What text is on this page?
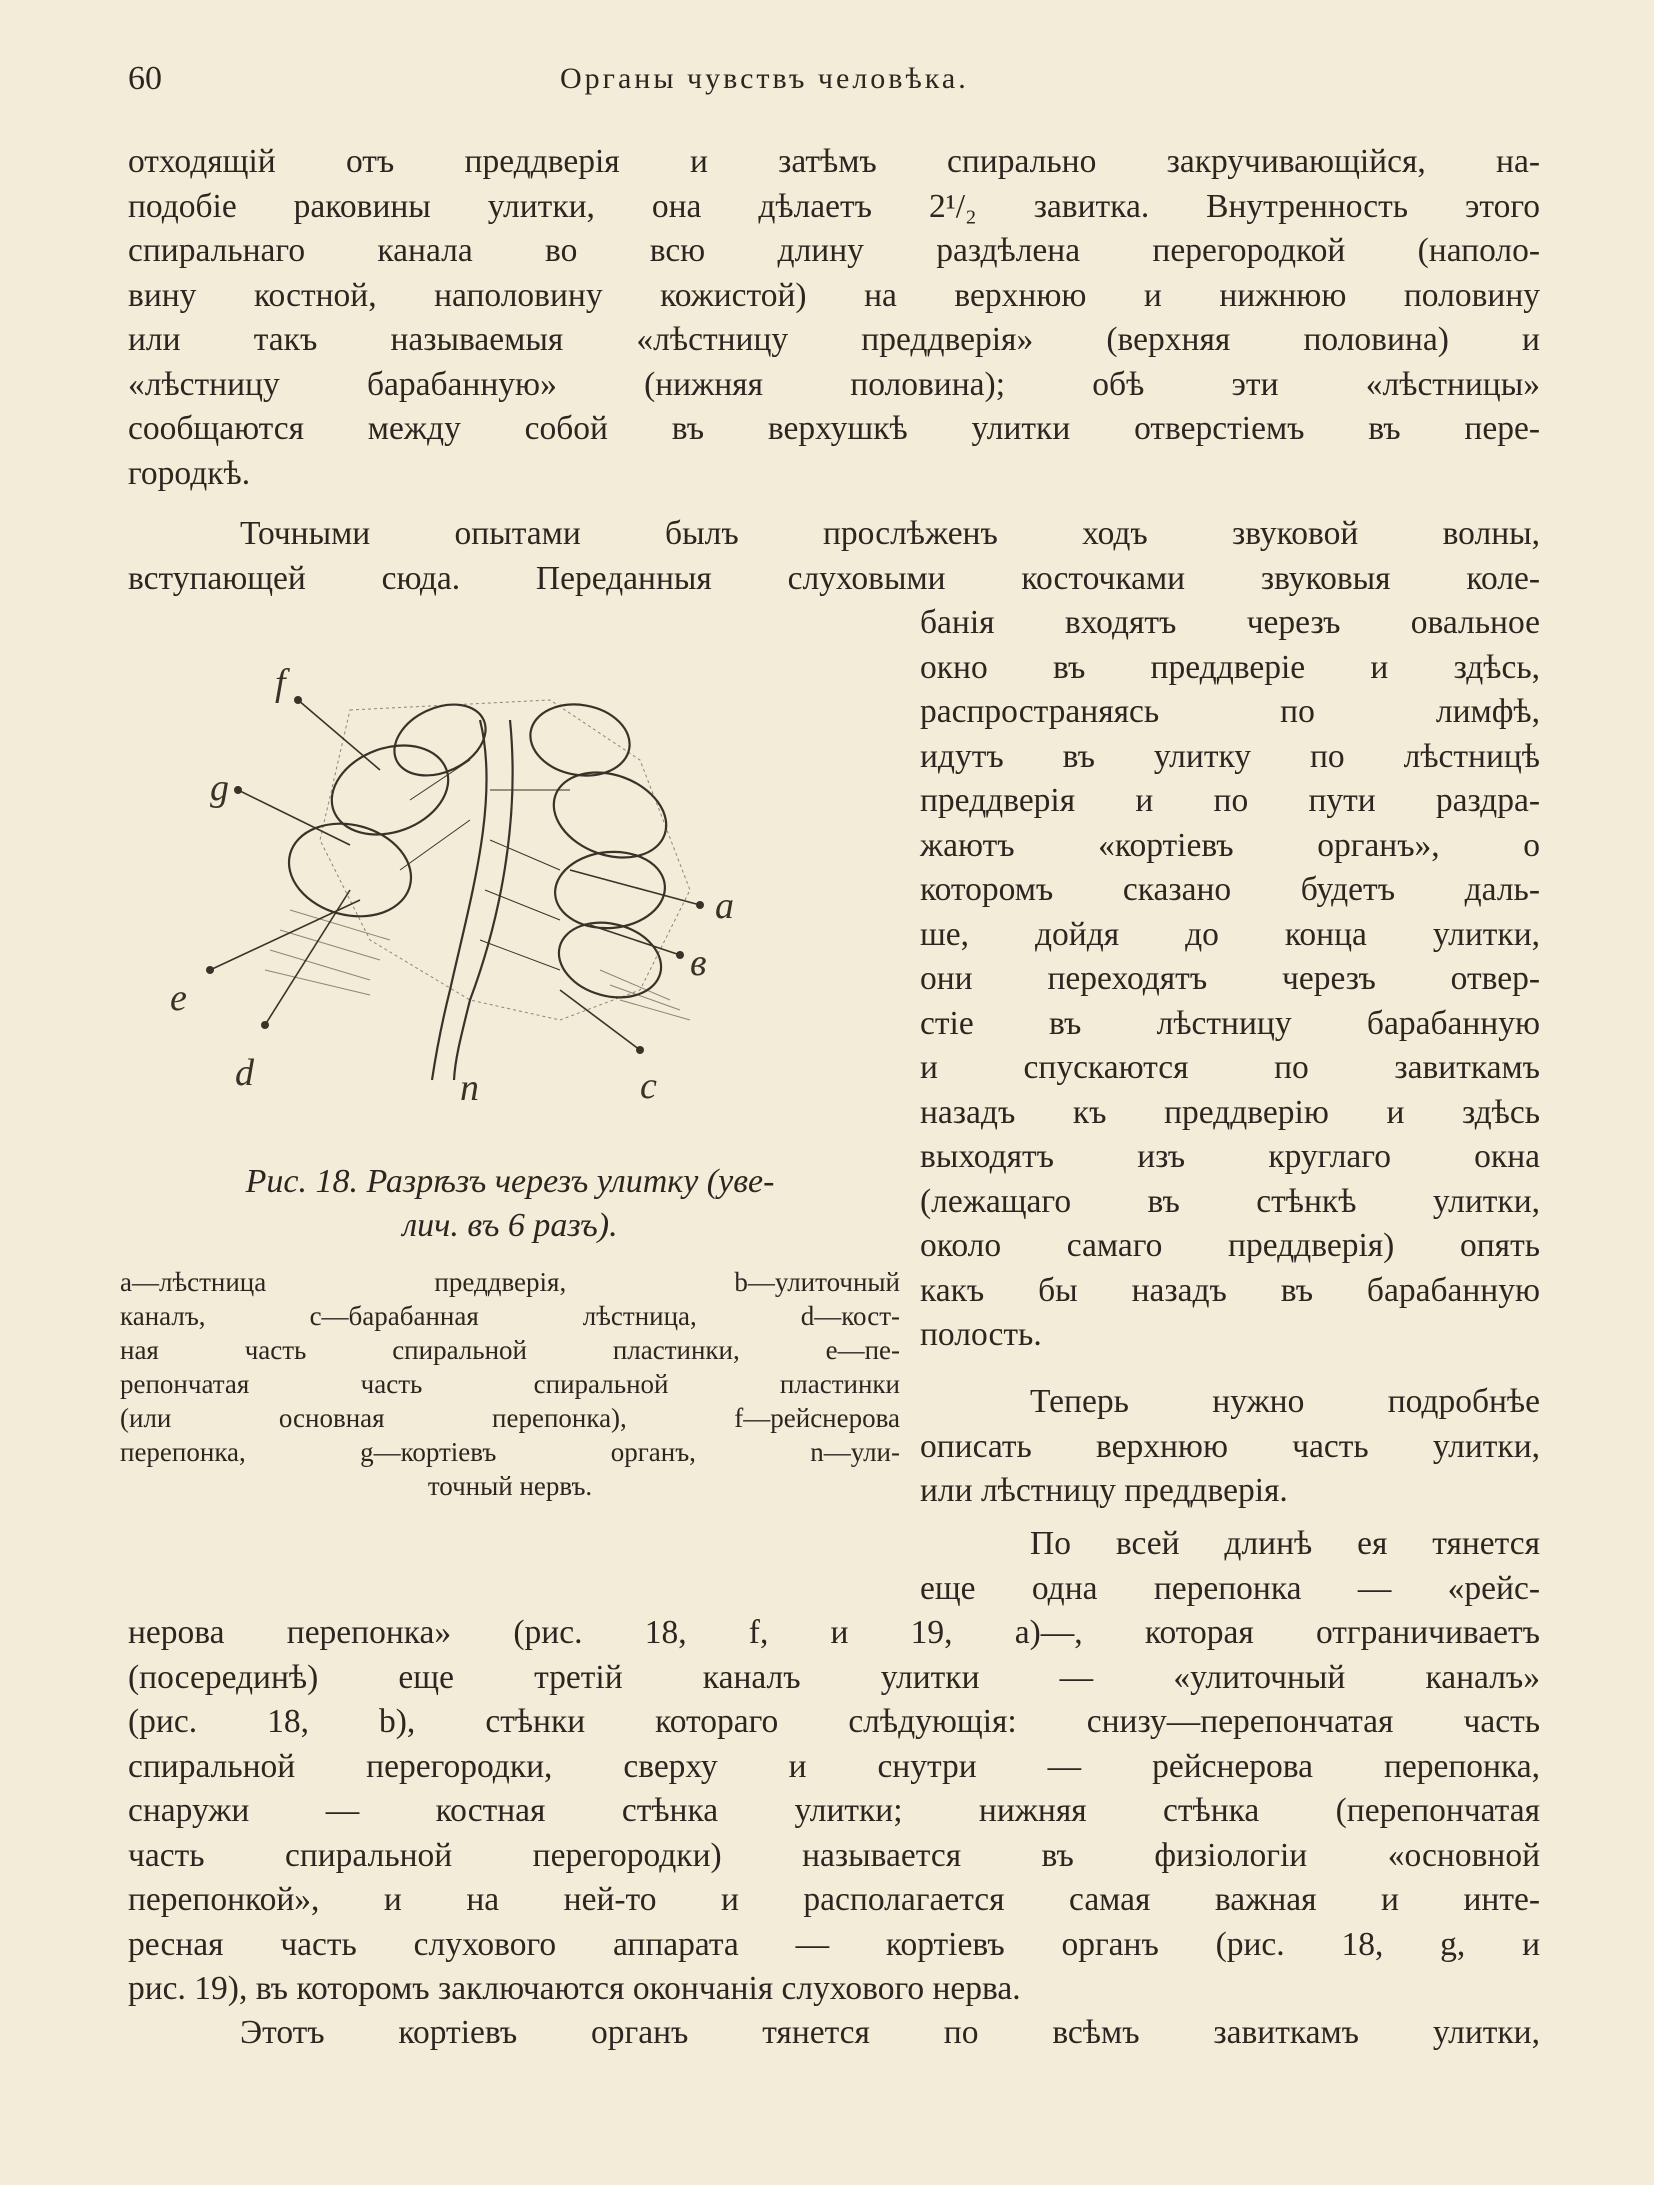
60	Органы чувствъ человѣка.
отходящій отъ преддверія и затѣмъ спирально закручивающійся, на-
подобіе раковины улитки, она дѣлаетъ 2¹/₂ завитка. Внутренность этого
спиральнаго канала во всю длину раздѣлена перегородкой (наполо-
вину костной, наполовину кожистой) на верхнюю и нижнюю половину
или такъ называемыя «лѣстницу преддверія» (верхняя половина) и
«лѣстницу барабанную» (нижняя половина); обѣ эти «лѣстницы»
сообщаются между собой въ верхушкѣ улитки отверстіемъ въ пере-
городкѣ.
Точными опытами былъ прослѣженъ ходъ звуковой волны,
вступающей сюда. Переданныя слуховыми косточками звуковыя коле-
банія входятъ черезъ овальное
окно въ преддверіе и здѣсь,
распространяясь по лимфѣ,
идутъ въ улитку по лѣстницѣ
преддверія и по пути раздра-
жаютъ «кортіевъ органъ», о
которомъ сказано будетъ даль-
ше, дойдя до конца улитки,
они переходятъ черезъ отвер-
стіе въ лѣстницу барабанную
и спускаются по завиткамъ
назадъ къ преддверію и здѣсь
выходятъ изъ круглаго окна
(лежащаго въ стѣнкѣ улитки,
около самаго преддверія) опять
какъ бы назадъ въ барабанную
полость.
Теперь нужно подробнѣе
описать верхнюю часть улитки,
или лѣстницу преддверія.
По всей длинѣ ея тянется
еще одна перепонка — «рейс-
нерова перепонка» (рис. 18, f, и 19, a)—, которая отграничиваетъ
(посерединѣ) еще третій каналъ улитки — «улиточный каналъ»
(рис. 18, b), стѣнки котораго слѣдующія: снизу—перепончатая часть
спиральной перегородки, сверху и снутри — рейснерова перепонка,
снаружи — костная стѣнка улитки; нижняя стѣнка (перепончатая
часть спиральной перегородки) называется въ физіологіи «основной
перепонкой», и на ней-то и располагается самая важная и инте-
ресная часть слухового аппарата — кортіевъ органъ (рис. 18, g, и
рис. 19), въ которомъ заключаются окончанія слухового нерва.
Этотъ кортіевъ органъ тянется по всѣмъ завиткамъ улитки,
f
g
a
в
e
d	n	c
Рис. 18. Разрѣзъ черезъ улитку (уве-
лич. въ 6 разъ).
a—лѣстница преддверія, b—улиточный
каналъ, c—барабанная лѣстница, d—кост-
ная часть спиральной пластинки, e—пе-
репончатая часть спиральной пластинки
(или основная перепонка), f—рейснерова
перепонка, g—кортіевъ органъ, n—ули-
точный нервъ.
